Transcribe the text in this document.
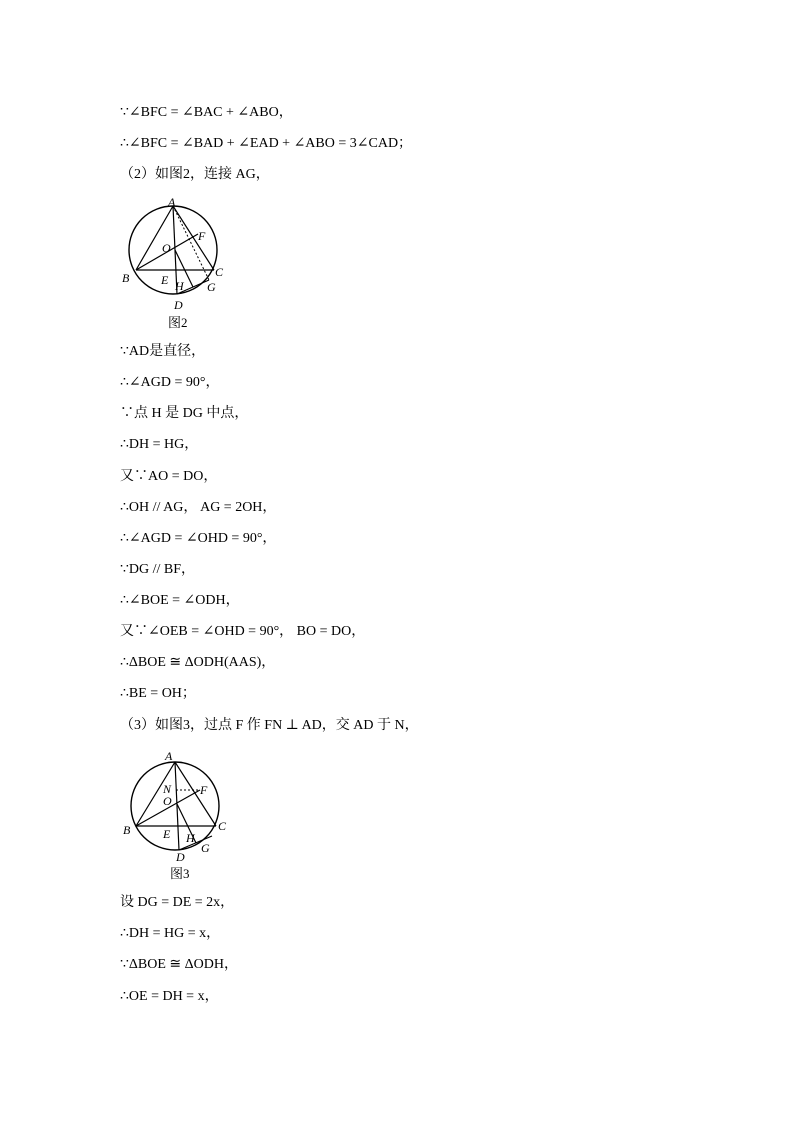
∵∠BFC = ∠BAC + ∠ABO，
∴∠BFC = ∠BAD + ∠EAD + ∠ABO = 3∠CAD；
（2）如图2，连接 AG，
A
F
O
B	C
E H G
D
图2
∵AD是直径，
∴∠AGD = 90°，
∵点 H 是 DG 中点，
∴DH = HG，
又∵AO = DO，
∴OH // AG， AG = 2OH，
∴∠AGD = ∠OHD = 90°，
∵DG // BF，
∴∠BOE = ∠ODH，
又∵∠OEB = ∠OHD = 90°， BO = DO，
∴ΔBOE ≅ ΔODH(AAS)，
∴BE = OH；
（3）如图3，过点 F 作 FN ⊥ AD，交 AD 于 N，
A
N F
O
B	C
E H
G
D
图3
设 DG = DE = 2x，
∴DH = HG = x，
∵ΔBOE ≅ ΔODH，
∴OE = DH = x，
